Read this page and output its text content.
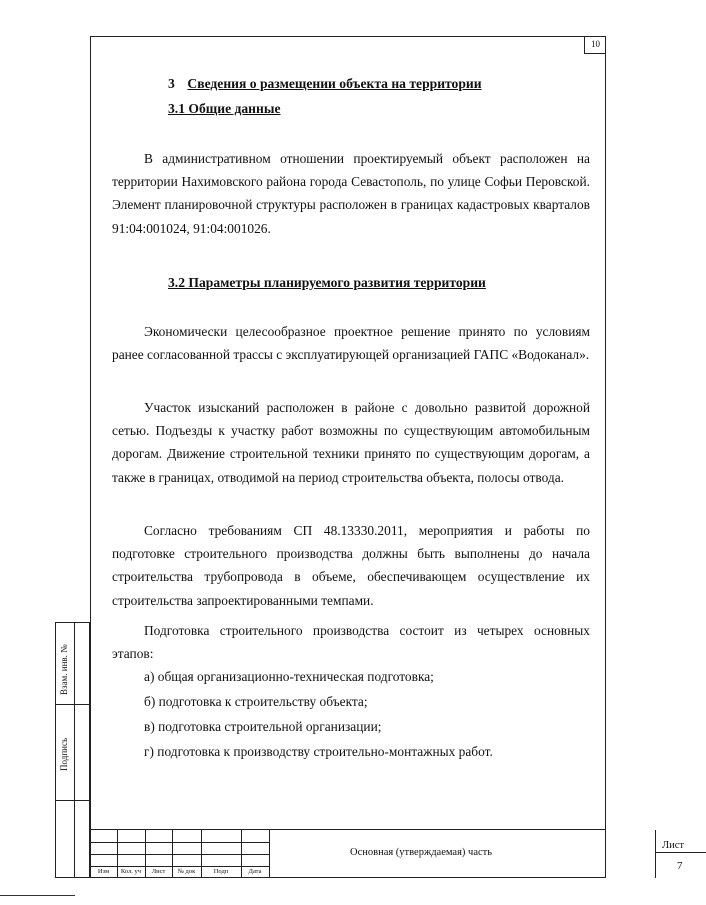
10
3 Сведения о размещении объекта на территории
3.1 Общие данные
В административном отношении проектируемый объект расположен на территории Нахимовского района города Севастополь, по улице Софьи Перовской. Элемент планировочной структуры расположен в границах кадастровых кварталов 91:04:001024, 91:04:001026.
3.2 Параметры планируемого развития территории
Экономически целесообразное проектное решение принято по условиям ранее согласованной трассы с эксплуатирующей организацией ГАПС «Водоканал».
Участок изысканий расположен в районе с довольно развитой дорожной сетью. Подъезды к участку работ возможны по существующим автомобильным дорогам. Движение строительной техники принято по существующим дорогам, а также в границах, отводимой на период строительства объекта, полосы отвода.
Согласно требованиям СП 48.13330.2011, мероприятия и работы по подготовке строительного производства должны быть выполнены до начала строительства трубопровода в объеме, обеспечивающем осуществление их строительства запроектированными темпами.
Подготовка строительного производства состоит из четырех основных этапов:
а) общая организационно-техническая подготовка;
б) подготовка к строительству объекта;
в) подготовка строительной организации;
г) подготовка к производству строительно-монтажных работ.
Взам. инв. №
Подпись
Изм	Кол. уч	Лист	№ док	Подп	Дата
Основная (утверждаемая) часть
Лист
7
